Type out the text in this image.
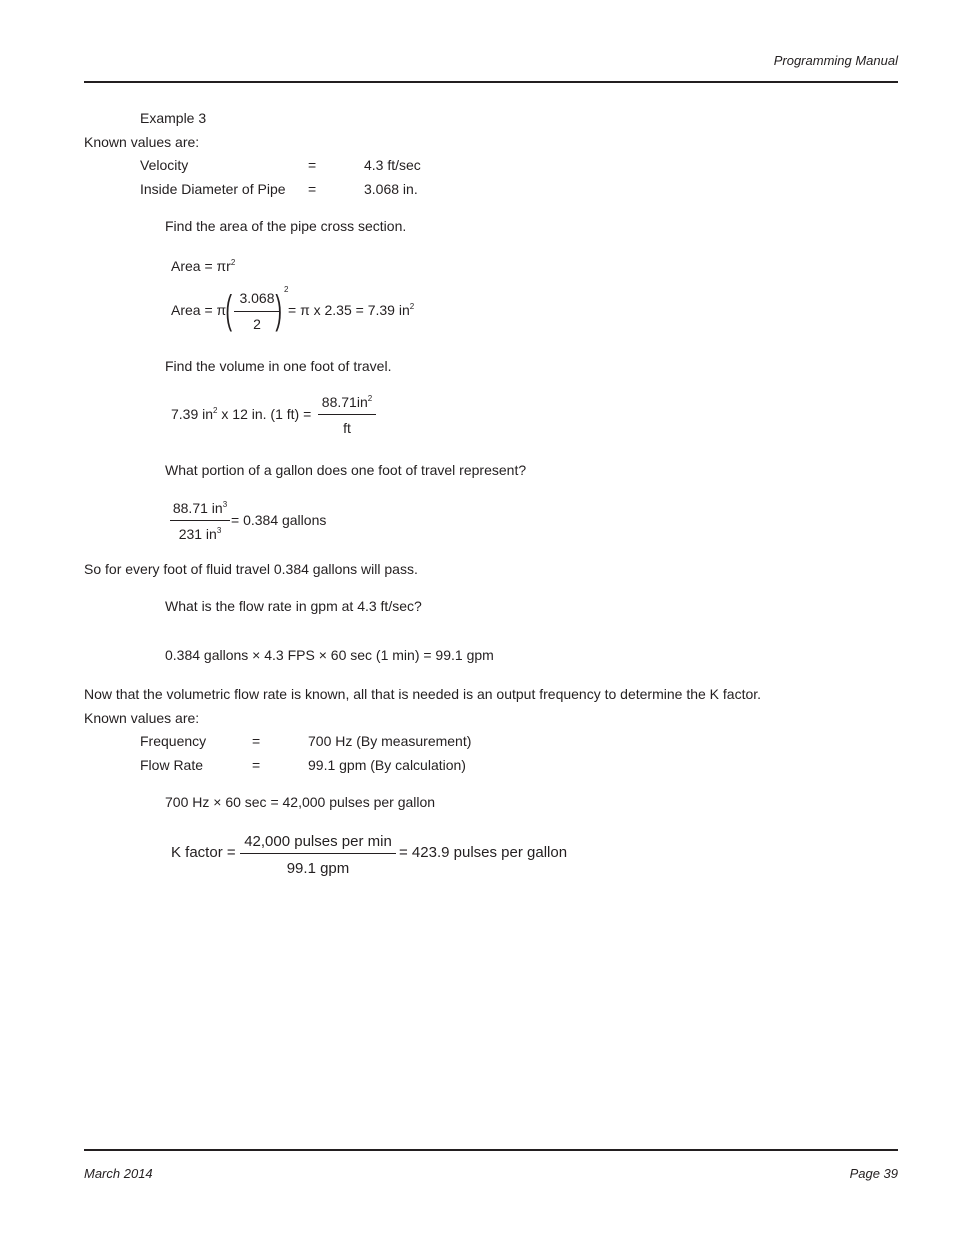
Programming Manual
Example 3
Known values are:
Velocity	=	4.3 ft/sec
Inside Diameter of Pipe =	3.068 in.
Find the area of the pipe cross section.
Area = $\pi r^2$
Area = π ( 3.068
2 ) 2
= π x 2.35 = 7.39 $in^2$
Find the volume in one foot of travel.
7.39 $in^2$ x 12 in. (1 ft) =
$88.71in^2$
ft
What portion of a gallon does one foot of travel represent?
88.71 $in^3$
231 $in^3$
= 0.384 gallons
So for every foot of fluid travel 0.384 gallons will pass.
What is the flow rate in gpm at 4.3 ft/sec?
0.384 gallons × 4.3 FPS × 60 sec (1 min) = 99.1 gpm
Now that the volumetric flow rate is known, all that is needed is an output frequency to determine the K factor.
Known values are:
Frequency	=	700 Hz (By measurement)
Flow Rate	=	99.1 gpm (By calculation)
700 Hz × 60 sec = 42,000 pulses per gallon
K factor =
42,000 pulses per min
99.1 gpm
= 423.9 pulses per gallon
March 2014	Page 39
